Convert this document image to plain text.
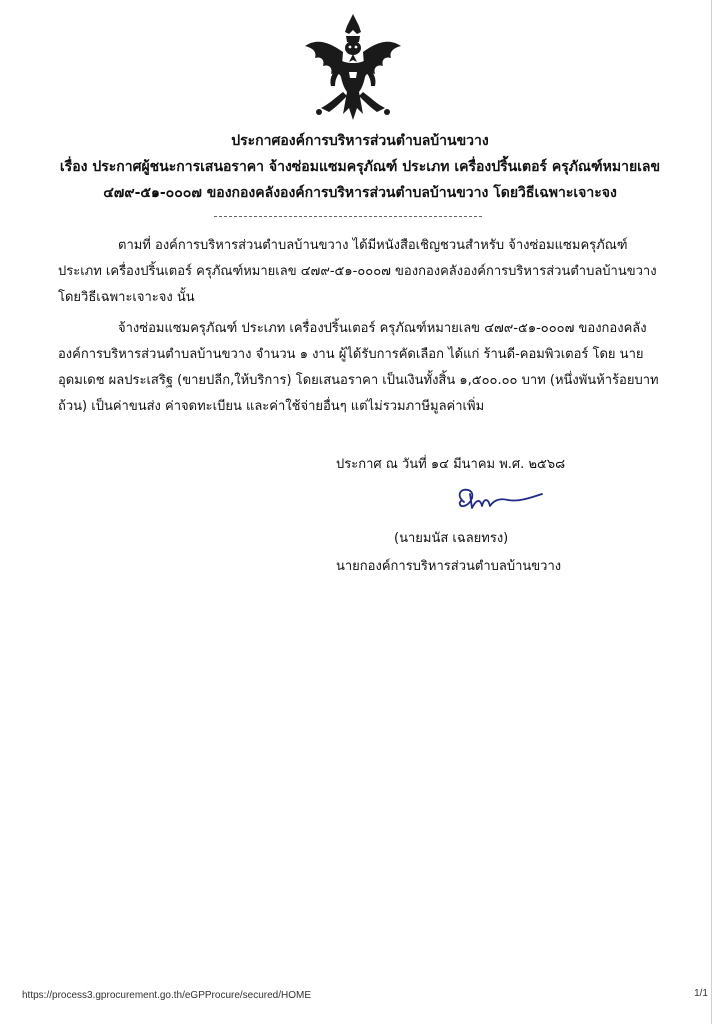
ประกาศองค์การบริหารส่วนตำบลบ้านขวาง
เรื่อง ประกาศผู้ชนะการเสนอราคา จ้างซ่อมแซมครุภัณฑ์ ประเภท เครื่องปริ้นเตอร์ ครุภัณฑ์หมายเลข
๔๗๙-๕๑-๐๐๐๗ ของกองคลังองค์การบริหารส่วนตำบลบ้านขวาง โดยวิธีเฉพาะเจาะจง
ตามที่ องค์การบริหารส่วนตำบลบ้านขวาง ได้มีหนังสือเชิญชวนสำหรับ จ้างซ่อมแซมครุภัณฑ์ ประเภท เครื่องปริ้นเตอร์ ครุภัณฑ์หมายเลข ๔๗๙-๕๑-๐๐๐๗ ของกองคลังองค์การบริหารส่วนตำบลบ้านขวาง โดยวิธีเฉพาะเจาะจง นั้น
จ้างซ่อมแซมครุภัณฑ์ ประเภท เครื่องปริ้นเตอร์ ครุภัณฑ์หมายเลข ๔๗๙-๕๑-๐๐๐๗ ของกองคลังองค์การบริหารส่วนตำบลบ้านขวาง จำนวน ๑ งาน ผู้ได้รับการคัดเลือก ได้แก่ ร้านดี-คอมพิวเตอร์ โดย นาย อุดมเดช ผลประเสริฐ (ขายปลีก,ให้บริการ) โดยเสนอราคา เป็นเงินทั้งสิ้น ๑,๕๐๐.๐๐ บาท (หนึ่งพันห้าร้อยบาทถ้วน) เป็นค่าขนส่ง ค่าจดทะเบียน และค่าใช้จ่ายอื่นๆ แต่ไม่รวมภาษีมูลค่าเพิ่ม
ประกาศ ณ วันที่ ๑๔ มีนาคม พ.ศ. ๒๕๖๘
(นายมนัส เฉลยทรง)
นายกองค์การบริหารส่วนตำบลบ้านขวาง
https://process3.gprocurement.go.th/eGPProcure/secured/HOME	1/1
